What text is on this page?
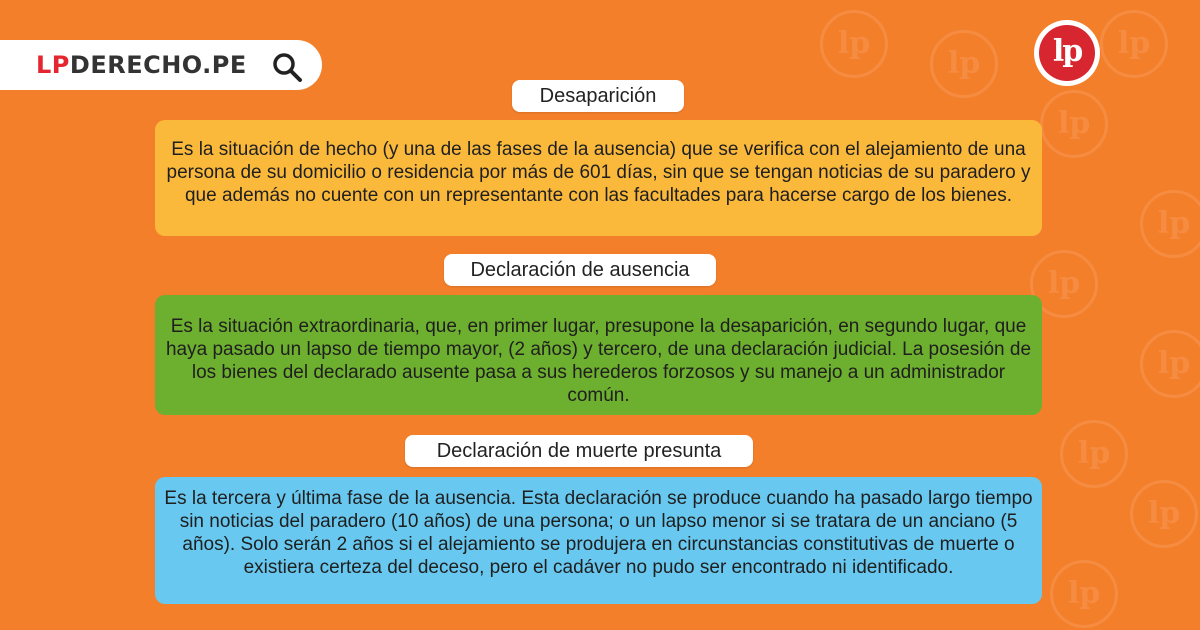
lp
lp
lp
lp
lp
lp
lp
lp
lp
lp
LPDERECHO.PE	lp
Desaparición
Es la situación de hecho (y una de las fases de la ausencia) que se verifica con el alejamiento de una persona de su domicilio o residencia por más de 601 días, sin que se tengan noticias de su paradero y que además no cuente con un representante con las facultades para hacerse cargo de los bienes.
Declaración de ausencia
Es la situación extraordinaria, que, en primer lugar, presupone la desaparición, en segundo lugar, que haya pasado un lapso de tiempo mayor, (2 años) y tercero, de una declaración judicial. La posesión de los bienes del declarado ausente pasa a sus herederos forzosos y su manejo a un administrador común.
Declaración de muerte presunta
Es la tercera y última fase de la ausencia. Esta declaración se produce cuando ha pasado largo tiempo sin noticias del paradero (10 años) de una persona; o un lapso menor si se tratara de un anciano (5 años). Solo serán 2 años si el alejamiento se produjera en circunstancias constitutivas de muerte o existiera certeza del deceso, pero el cadáver no pudo ser encontrado ni identificado.
